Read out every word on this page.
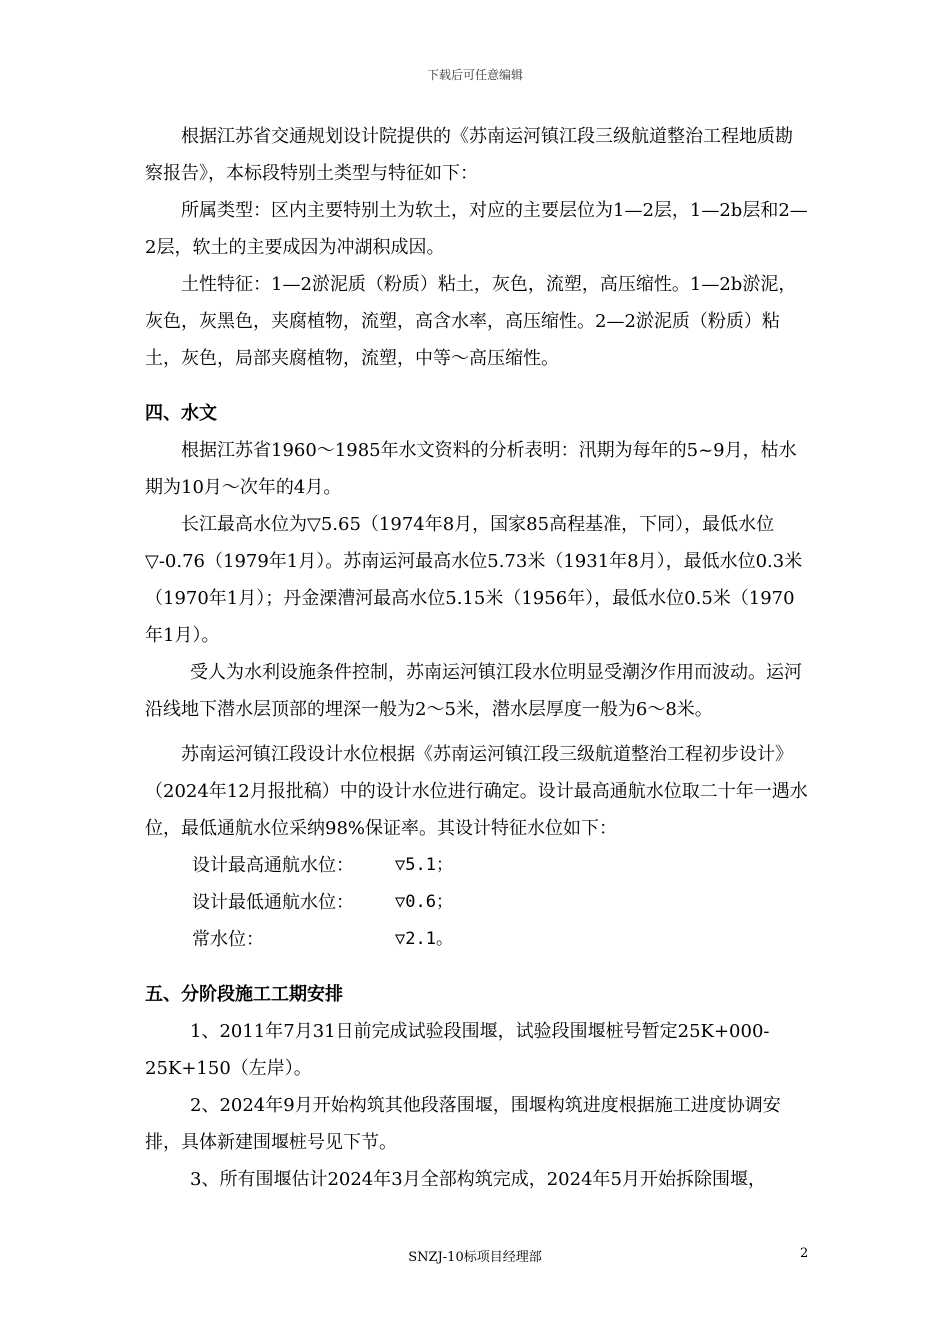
下载后可任意编辑

根据江苏省交通规划设计院提供的《苏南运河镇江段三级航道整治工程地质勘察报告》，本标段特别土类型与特征如下：

所属类型：区内主要特别土为软土，对应的主要层位为1—2层，1—2b层和2—2层，软土的主要成因为冲湖积成因。

土性特征：1—2淤泥质（粉质）粘土，灰色，流塑，高压缩性。1—2b淤泥，灰色，灰黑色，夹腐植物，流塑，高含水率，高压缩性。2—2淤泥质（粉质）粘土，灰色，局部夹腐植物，流塑，中等～高压缩性。

四、水文

根据江苏省1960～1985年水文资料的分析表明：汛期为每年的5~9月，枯水期为10月～次年的4月。

长江最高水位为▽5.65（1974年8月，国家85高程基准，下同），最低水位▽-0.76（1979年1月）。苏南运河最高水位5.73米（1931年8月），最低水位0.3米（1970年1月）；丹金溧漕河最高水位5.15米（1956年），最低水位0.5米（1970年1月）。

受人为水利设施条件控制，苏南运河镇江段水位明显受潮汐作用而波动。运河沿线地下潜水层顶部的埋深一般为2～5米，潜水层厚度一般为6～8米。

苏南运河镇江段设计水位根据《苏南运河镇江段三级航道整治工程初步设计》（2024年12月报批稿）中的设计水位进行确定。设计最高通航水位取二十年一遇水位，最低通航水位采纳98%保证率。其设计特征水位如下：

设计最高通航水位：	▽5.1；
设计最低通航水位：	▽0.6；
常水位：	▽2.1。

五、分阶段施工工期安排

1、2011年7月31日前完成试验段围堰，试验段围堰桩号暂定25K+000-25K+150（左岸）。

2、2024年9月开始构筑其他段落围堰，围堰构筑进度根据施工进度协调安排，具体新建围堰桩号见下节。

3、所有围堰估计2024年3月全部构筑完成，2024年5月开始拆除围堰，

SNZJ-10标项目经理部	2
